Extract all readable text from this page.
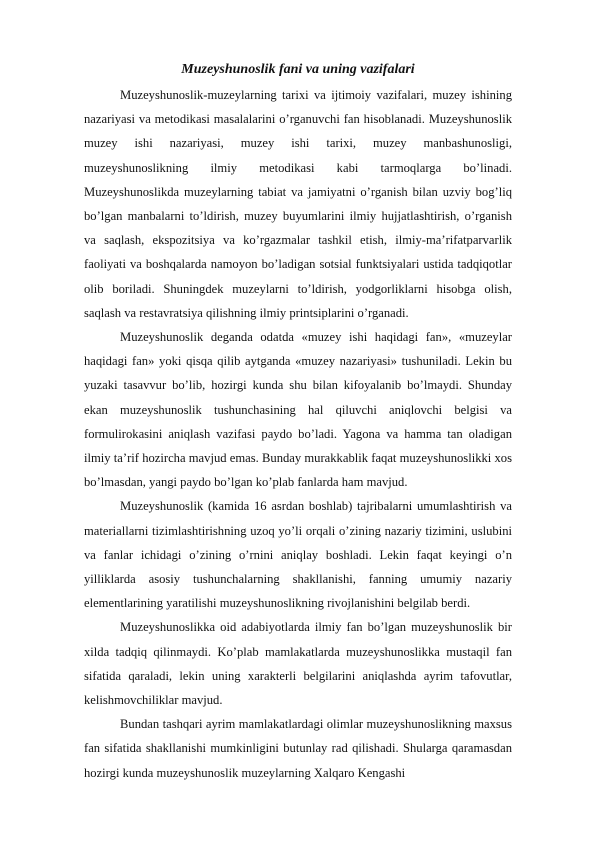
Muzeyshunoslik fani va uning vazifalari

Muzeyshunoslik-muzeylarning tarixi va ijtimoiy vazifalari, muzey ishining nazariyasi va metodikasi masalalarini o’rganuvchi fan hisoblanadi. Muzeyshunoslik muzey ishi nazariyasi, muzey ishi tarixi, muzey manbashunosligi, muzeyshunoslikning ilmiy metodikasi kabi tarmoqlarga bo’linadi. Muzeyshunoslikda muzeylarning tabiat va jamiyatni o’rganish bilan uzviy bog’liq bo’lgan manbalarni to’ldirish, muzey buyumlarini ilmiy hujjatlashtirish, o’rganish va saqlash, ekspozitsiya va ko’rgazmalar tashkil etish, ilmiy-ma’rifatparvarlik faoliyati va boshqalarda namoyon bo’ladigan sotsial funktsiyalari ustida tadqiqotlar olib boriladi. Shuningdek muzeylarni to’ldirish, yodgorliklarni hisobga olish, saqlash va restavratsiya qilishning ilmiy printsiplarini o’rganadi.

Muzeyshunoslik deganda odatda «muzey ishi haqidagi fan», «muzeylar haqidagi fan» yoki qisqa qilib aytganda «muzey nazariyasi» tushuniladi. Lekin bu yuzaki tasavvur bo’lib, hozirgi kunda shu bilan kifoyalanib bo’lmaydi. Shunday ekan muzeyshunoslik tushunchasining hal qiluvchi aniqlovchi belgisi va formulirokasini aniqlash vazifasi paydo bo’ladi. Yagona va hamma tan oladigan ilmiy ta’rif hozircha mavjud emas. Bunday murakkablik faqat muzeyshunoslikki xos bo’lmasdan, yangi paydo bo’lgan ko’plab fanlarda ham mavjud.

Muzeyshunoslik (kamida 16 asrdan boshlab) tajribalarni umumlashtirish va materiallarni tizimlashtirishning uzoq yo’li orqali o’zining nazariy tizimini, uslubini va fanlar ichidagi o’zining o’rnini aniqlay boshladi. Lekin faqat keyingi o’n yilliklarda asosiy tushunchalarning shakllanishi, fanning umumiy nazariy elementlarining yaratilishi muzeyshunoslikning rivojlanishini belgilab berdi.

Muzeyshunoslikka oid adabiyotlarda ilmiy fan bo’lgan muzeyshunoslik bir xilda tadqiq qilinmaydi. Ko’plab mamlakatlarda muzeyshunoslikka mustaqil fan sifatida qaraladi, lekin uning xarakterli belgilarini aniqlashda ayrim tafovutlar, kelishmovchiliklar mavjud.

Bundan tashqari ayrim mamlakatlardagi olimlar muzeyshunoslikning maxsus fan sifatida shakllanishi mumkinligini butunlay rad qilishadi. Shularga qaramasdan hozirgi kunda muzeyshunoslik muzeylarning Xalqaro Kengashi
